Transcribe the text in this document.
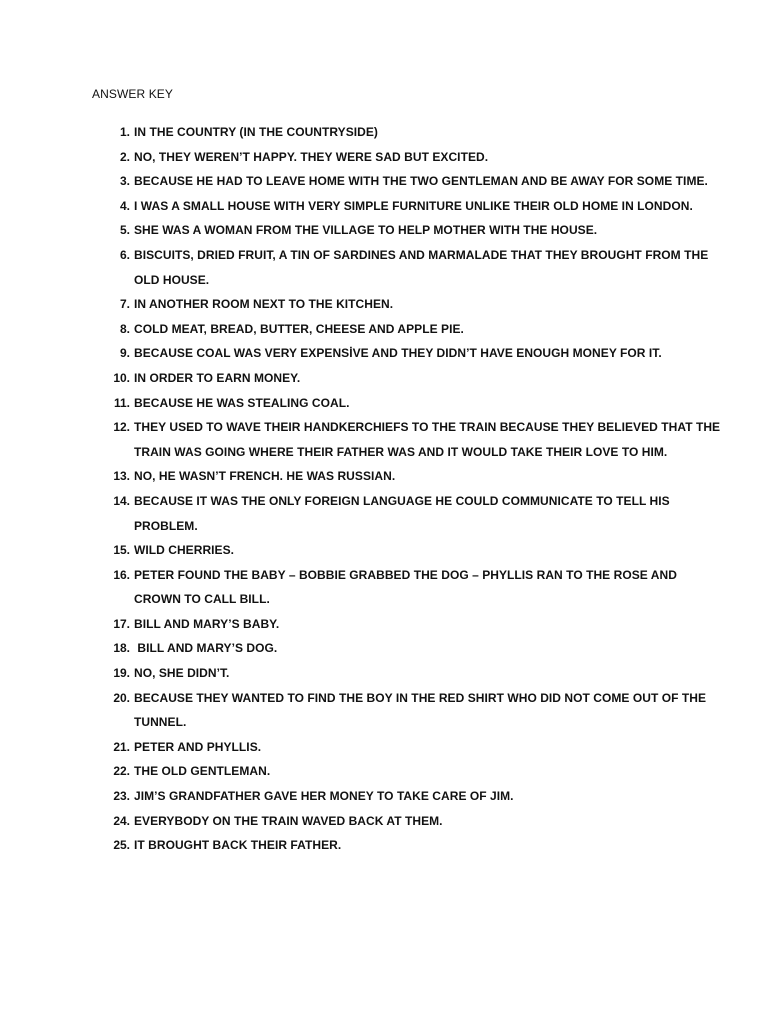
ANSWER KEY
1. IN THE COUNTRY (IN THE COUNTRYSIDE)
2. NO, THEY WEREN’T HAPPY. THEY WERE SAD BUT EXCITED.
3. BECAUSE HE HAD TO LEAVE HOME WITH THE TWO GENTLEMAN AND BE AWAY FOR SOME TIME.
4. I WAS A SMALL HOUSE WITH VERY SIMPLE FURNITURE UNLIKE THEIR OLD HOME IN LONDON.
5. SHE WAS A WOMAN FROM THE VILLAGE TO HELP MOTHER WITH THE HOUSE.
6. BISCUITS, DRIED FRUIT, A TIN OF SARDINES AND MARMALADE THAT THEY BROUGHT FROM THE OLD HOUSE.
7. IN ANOTHER ROOM NEXT TO THE KITCHEN.
8. COLD MEAT, BREAD, BUTTER, CHEESE AND APPLE PIE.
9. BECAUSE COAL WAS VERY EXPENSİVE AND THEY DIDN’T HAVE ENOUGH MONEY FOR IT.
10. IN ORDER TO EARN MONEY.
11. BECAUSE HE WAS STEALING COAL.
12. THEY USED TO WAVE THEIR HANDKERCHIEFS TO THE TRAIN BECAUSE THEY BELIEVED THAT THE TRAIN WAS GOING WHERE THEIR FATHER WAS AND IT WOULD TAKE THEIR LOVE TO HIM.
13. NO, HE WASN’T FRENCH. HE WAS RUSSIAN.
14. BECAUSE IT WAS THE ONLY FOREIGN LANGUAGE HE COULD COMMUNICATE TO TELL HIS PROBLEM.
15. WILD CHERRIES.
16. PETER FOUND THE BABY – BOBBIE GRABBED THE DOG – PHYLLIS RAN TO THE ROSE AND CROWN TO CALL BILL.
17. BILL AND MARY’S BABY.
18. BILL AND MARY’S DOG.
19. NO, SHE DIDN’T.
20. BECAUSE THEY WANTED TO FIND THE BOY IN THE RED SHIRT WHO DID NOT COME OUT OF THE TUNNEL.
21. PETER AND PHYLLIS.
22. THE OLD GENTLEMAN.
23. JIM’S GRANDFATHER GAVE HER MONEY TO TAKE CARE OF JIM.
24. EVERYBODY ON THE TRAIN WAVED BACK AT THEM.
25. IT BROUGHT BACK THEIR FATHER.
